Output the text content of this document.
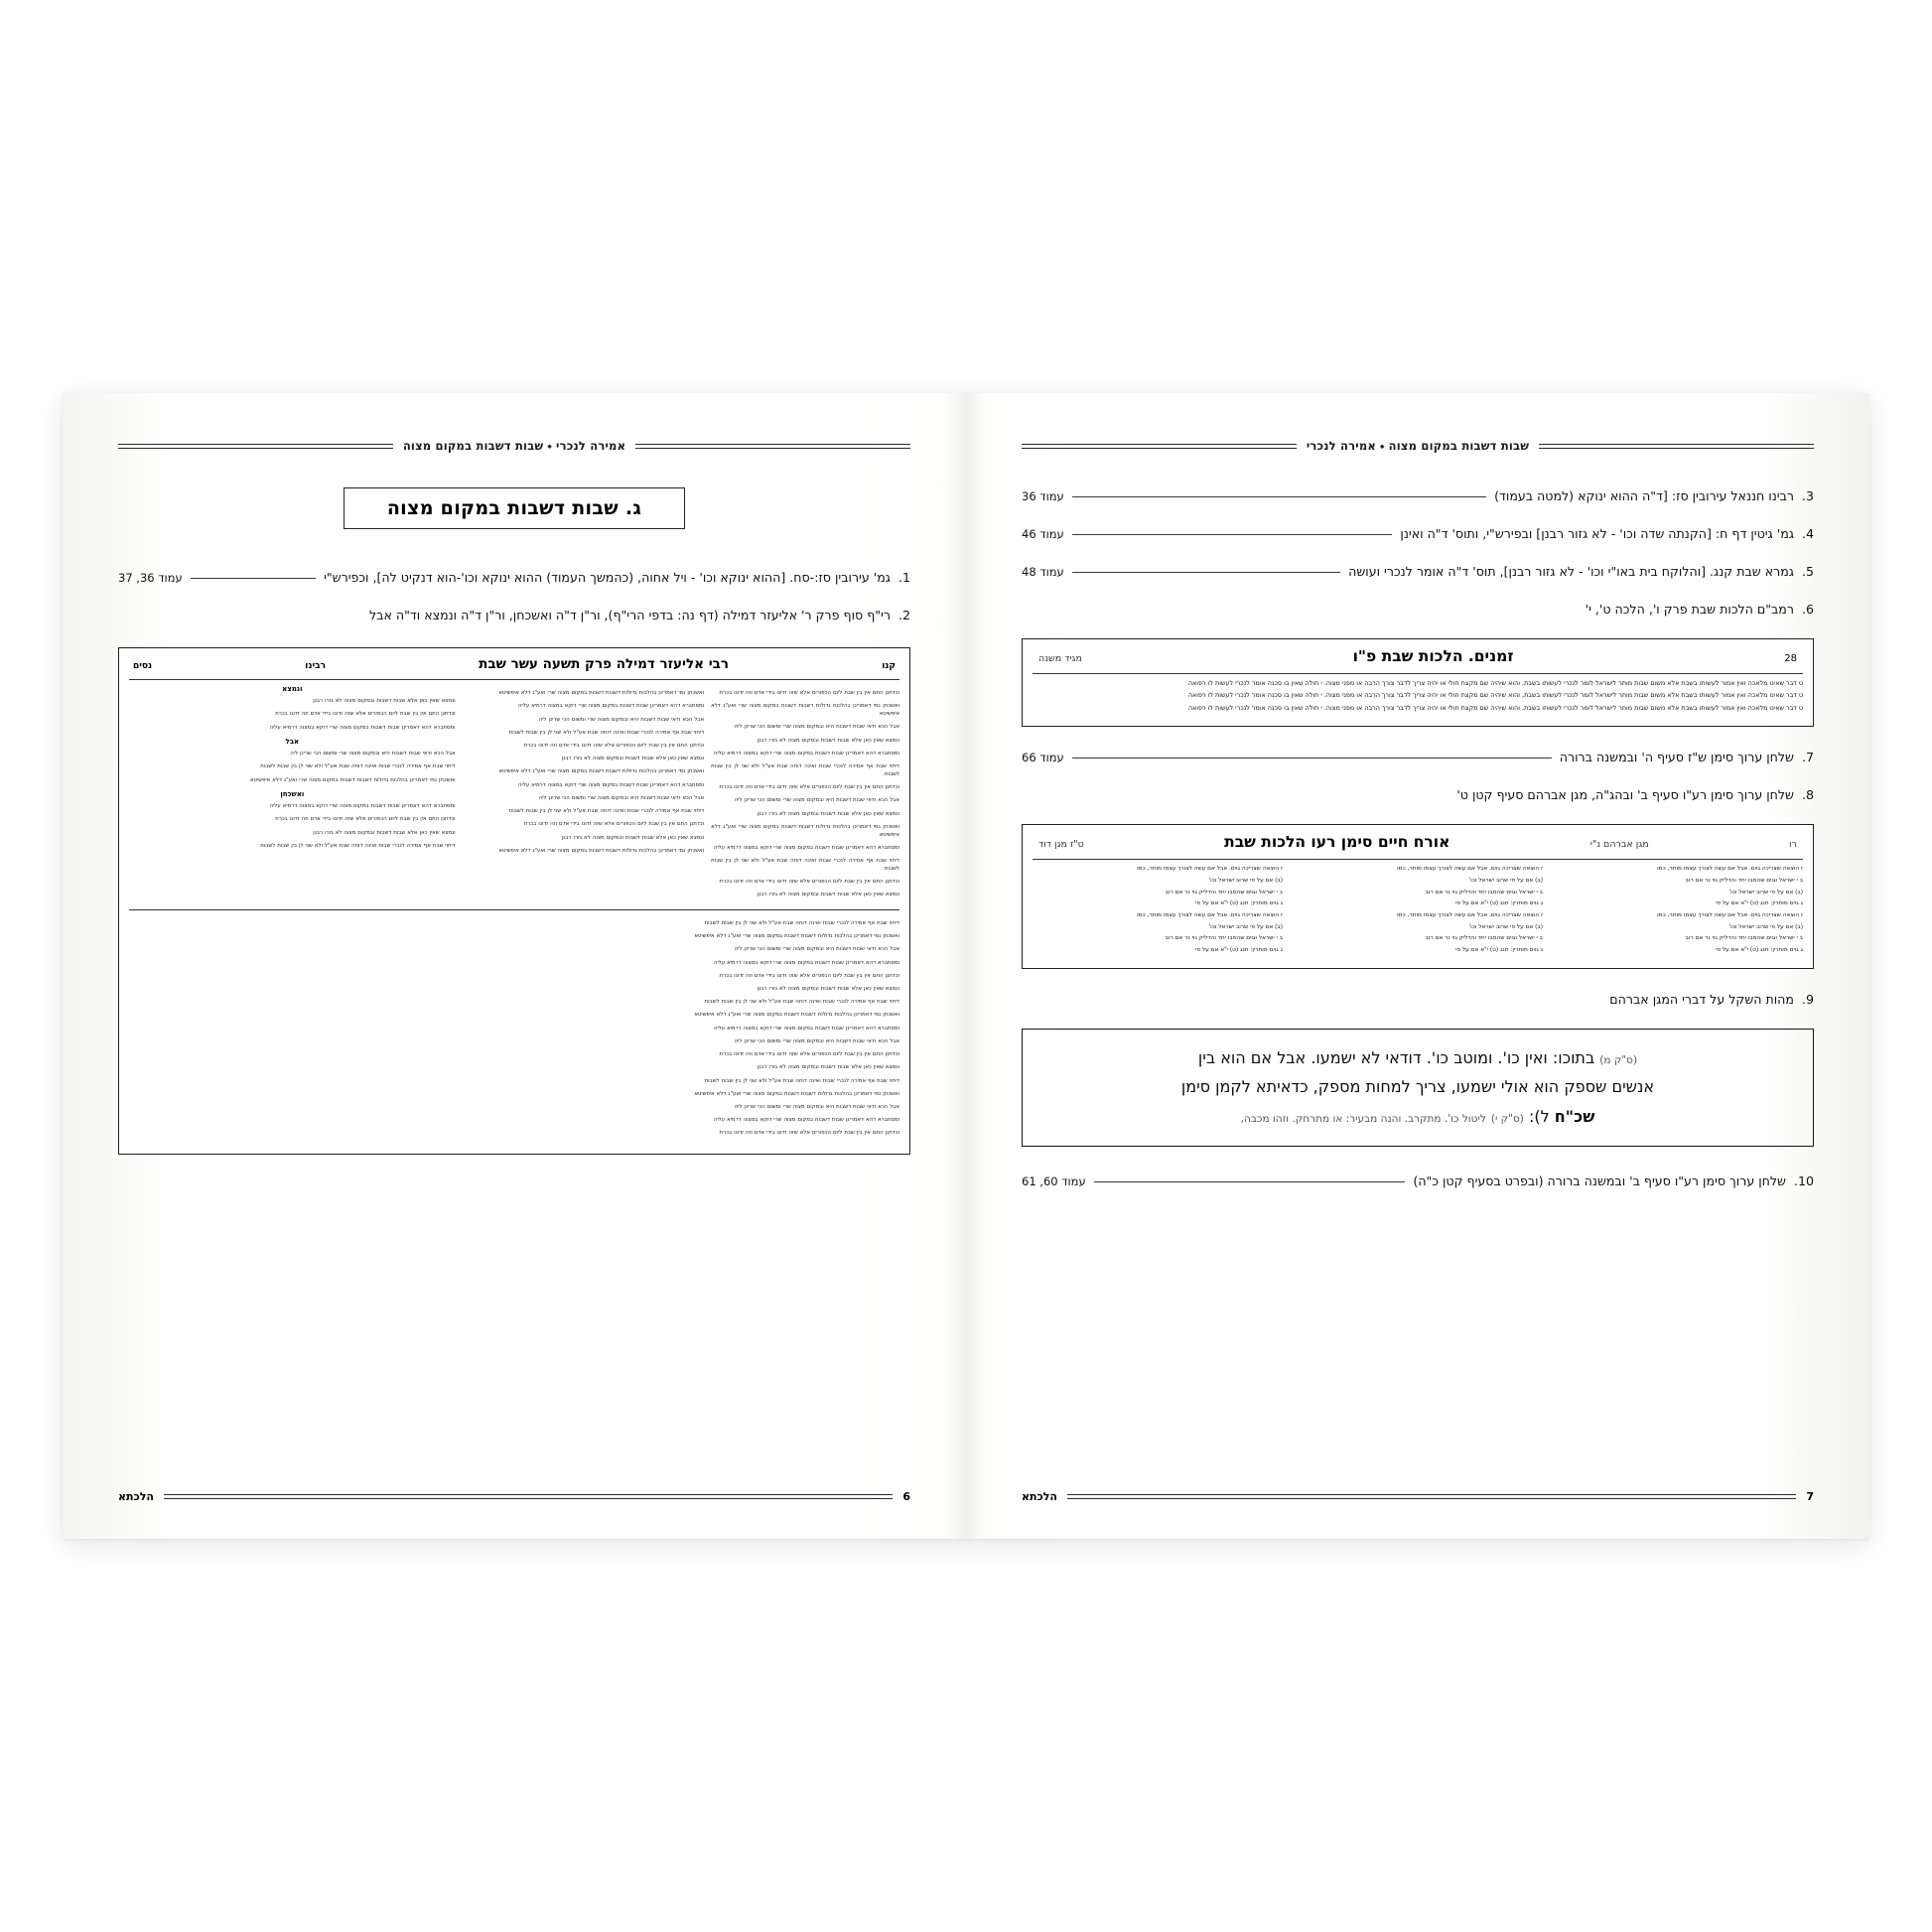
אמירה לנכרי ⬩ שבות דשבות במקום מצוה
ג. שבות דשבות במקום מצוה
1.
גמ' עירובין סז:-סח. [ההוא ינוקא וכו' - ויל אחוה, (כהמשך העמוד) ההוא ינוקא וכו'-הוא דנקיט לה], וכפירש"י
עמוד 36, 37
2.
רי"ף סוף פרק ר' אליעזר דמילה (דף נה: בדפי הרי"ף), ור"ן ד"ה ואשכחן, ור"ן ד"ה ונמצא וד"ה אבל
קנו
רבי אליעזר דמילה פרק תשעה עשר שבת
רבינו
נסים

וכדתנן התם אין בין שבת ליום הכפורים אלא שזה זדונו בידי אדם וזה זדונו בכרת

ואשכחן נמי דאמרינן בהלכות גדולות דשבות דשבות במקום מצוה שרי ואע"ג דלא איפשיטא

אבל הכא ודאי שבות דשבות היא ובמקום מצוה שרי ומשום הכי שרינן ליה

ונמצא שאין כאן אלא שבות דשבות ובמקום מצוה לא גזרו רבנן

ומסתברא דהא דאמרינן שבות דשבות במקום מצוה שרי דוקא במצוה דרמיא עליה

דיחוי שבת אף אמירה לנכרי שבות ואינה דוחה שבת אע"ל ולא שני לן בין שבות לשבות

וכדתנן התם אין בין שבת ליום הכפורים אלא שזה זדונו בידי אדם וזה זדונו בכרת

אבל הכא ודאי שבות דשבות היא ובמקום מצוה שרי ומשום הכי שרינן ליה

ונמצא שאין כאן אלא שבות דשבות ובמקום מצוה לא גזרו רבנן

ואשכחן נמי דאמרינן בהלכות גדולות דשבות דשבות במקום מצוה שרי ואע"ג דלא איפשיטא

ומסתברא דהא דאמרינן שבות דשבות במקום מצוה שרי דוקא במצוה דרמיא עליה

דיחוי שבת אף אמירה לנכרי שבות ואינה דוחה שבת אע"ל ולא שני לן בין שבות לשבות

וכדתנן התם אין בין שבת ליום הכפורים אלא שזה זדונו בידי אדם וזה זדונו בכרת

ונמצא שאין כאן אלא שבות דשבות ובמקום מצוה לא גזרו רבנן

ואשכחן נמי דאמרינן בהלכות גדולות דשבות דשבות במקום מצוה שרי ואע"ג דלא איפשיטא

ומסתברא דהא דאמרינן שבות דשבות במקום מצוה שרי דוקא במצוה דרמיא עליה

אבל הכא ודאי שבות דשבות היא ובמקום מצוה שרי ומשום הכי שרינן ליה

דיחוי שבת אף אמירה לנכרי שבות ואינה דוחה שבת אע"ל ולא שני לן בין שבות לשבות

וכדתנן התם אין בין שבת ליום הכפורים אלא שזה זדונו בידי אדם וזה זדונו בכרת

ונמצא שאין כאן אלא שבות דשבות ובמקום מצוה לא גזרו רבנן

ואשכחן נמי דאמרינן בהלכות גדולות דשבות דשבות במקום מצוה שרי ואע"ג דלא איפשיטא

ומסתברא דהא דאמרינן שבות דשבות במקום מצוה שרי דוקא במצוה דרמיא עליה

אבל הכא ודאי שבות דשבות היא ובמקום מצוה שרי ומשום הכי שרינן ליה

דיחוי שבת אף אמירה לנכרי שבות ואינה דוחה שבת אע"ל ולא שני לן בין שבות לשבות

וכדתנן התם אין בין שבת ליום הכפורים אלא שזה זדונו בידי אדם וזה זדונו בכרת

ונמצא שאין כאן אלא שבות דשבות ובמקום מצוה לא גזרו רבנן

ואשכחן נמי דאמרינן בהלכות גדולות דשבות דשבות במקום מצוה שרי ואע"ג דלא איפשיטא

ונמצא

ונמצא שאין כאן אלא שבות דשבות ובמקום מצוה לא גזרו רבנן

וכדתנן התם אין בין שבת ליום הכפורים אלא שזה זדונו בידי אדם וזה זדונו בכרת

ומסתברא דהא דאמרינן שבות דשבות במקום מצוה שרי דוקא במצוה דרמיא עליה

אבל

אבל הכא ודאי שבות דשבות היא ובמקום מצוה שרי ומשום הכי שרינן ליה

דיחוי שבת אף אמירה לנכרי שבות ואינה דוחה שבת אע"ל ולא שני לן בין שבות לשבות

ואשכחן נמי דאמרינן בהלכות גדולות דשבות דשבות במקום מצוה שרי ואע"ג דלא איפשיטא

ואשכחן

ומסתברא דהא דאמרינן שבות דשבות במקום מצוה שרי דוקא במצוה דרמיא עליה

וכדתנן התם אין בין שבת ליום הכפורים אלא שזה זדונו בידי אדם וזה זדונו בכרת

ונמצא שאין כאן אלא שבות דשבות ובמקום מצוה לא גזרו רבנן

דיחוי שבת אף אמירה לנכרי שבות ואינה דוחה שבת אע"ל ולא שני לן בין שבות לשבות

דיחוי שבת אף אמירה לנכרי שבות ואינה דוחה שבת אע"ל ולא שני לן בין שבות לשבות

ואשכחן נמי דאמרינן בהלכות גדולות דשבות דשבות במקום מצוה שרי ואע"ג דלא איפשיטא

אבל הכא ודאי שבות דשבות היא ובמקום מצוה שרי ומשום הכי שרינן ליה

ומסתברא דהא דאמרינן שבות דשבות במקום מצוה שרי דוקא במצוה דרמיא עליה

וכדתנן התם אין בין שבת ליום הכפורים אלא שזה זדונו בידי אדם וזה זדונו בכרת

ונמצא שאין כאן אלא שבות דשבות ובמקום מצוה לא גזרו רבנן

דיחוי שבת אף אמירה לנכרי שבות ואינה דוחה שבת אע"ל ולא שני לן בין שבות לשבות

ואשכחן נמי דאמרינן בהלכות גדולות דשבות דשבות במקום מצוה שרי ואע"ג דלא איפשיטא

ומסתברא דהא דאמרינן שבות דשבות במקום מצוה שרי דוקא במצוה דרמיא עליה

אבל הכא ודאי שבות דשבות היא ובמקום מצוה שרי ומשום הכי שרינן ליה

וכדתנן התם אין בין שבת ליום הכפורים אלא שזה זדונו בידי אדם וזה זדונו בכרת

ונמצא שאין כאן אלא שבות דשבות ובמקום מצוה לא גזרו רבנן

דיחוי שבת אף אמירה לנכרי שבות ואינה דוחה שבת אע"ל ולא שני לן בין שבות לשבות

ואשכחן נמי דאמרינן בהלכות גדולות דשבות דשבות במקום מצוה שרי ואע"ג דלא איפשיטא

אבל הכא ודאי שבות דשבות היא ובמקום מצוה שרי ומשום הכי שרינן ליה

ומסתברא דהא דאמרינן שבות דשבות במקום מצוה שרי דוקא במצוה דרמיא עליה

וכדתנן התם אין בין שבת ליום הכפורים אלא שזה זדונו בידי אדם וזה זדונו בכרת

6
הלכתא
שבות דשבות במקום מצוה ⬩ אמירה לנכרי
3.
רבינו חננאל עירובין סז: [ד"ה ההוא ינוקא (למטה בעמוד)
עמוד 36
4.
גמ' גיטין דף ח: [הקנתה שדה וכו' - לא גזור רבנן] ובפירש"י, ותוס' ד"ה ואינן
עמוד 46
5.
גמרא שבת קנג. [והלוקח בית באו"י וכו' - לא גזור רבנן], תוס' ד"ה אומר לנכרי ועושה
עמוד 48
6.
רמב"ם הלכות שבת פרק ו', הלכה ט', י'
28
זמנים. הלכות שבת פ"ו
מגיד משנה

ט דבר שאינו מלאכה ואין אמור לעשותו בשבת אלא משום שבות מותר לישראל לומר לנכרי לעשותו בשבת, והוא שיהיה שם מקצת חולי או יהיה צריך לדבר צורך הרבה או מפני מצוה. י חולה שאין בו סכנה אומר לנכרי לעשות לו רפואה

ט דבר שאינו מלאכה ואין אמור לעשותו בשבת אלא משום שבות מותר לישראל לומר לנכרי לעשותו בשבת, והוא שיהיה שם מקצת חולי או יהיה צריך לדבר צורך הרבה או מפני מצוה. י חולה שאין בו סכנה אומר לנכרי לעשות לו רפואה

ט דבר שאינו מלאכה ואין אמור לעשותו בשבת אלא משום שבות מותר לישראל לומר לנכרי לעשותו בשבת, והוא שיהיה שם מקצת חולי או יהיה צריך לדבר צורך הרבה או מפני מצוה. י חולה שאין בו סכנה אומר לנכרי לעשות לו רפואה

7.
שלחן ערוך סימן ש"ז סעיף ה' ובמשנה ברורה
עמוד 66
8.
שלחן ערוך סימן רע"ו סעיף ב' ובהג"ה, מגן אברהם סעיף קטן ט'
רו
מגן אברהם נ"י
אורח חיים סימן רעו הלכות שבת
ט"ז מגן דוד

ז הוצאה שצריכה גוים. אבל אם עשה לצורך עצמו מותר, כמו

ב י ישראל וגוים שהסבו יחד והדליק גוי נר אם רוב

(ב) אם על פי שרוב ישראל וכו'

ג גוים מותרין: תנג (ט) י"א אם על פי

ז הוצאה שצריכה גוים. אבל אם עשה לצורך עצמו מותר, כמו

(ב) אם על פי שרוב ישראל וכו'

ב י ישראל וגוים שהסבו יחד והדליק גוי נר אם רוב

ג גוים מותרין: תנג (ט) י"א אם על פי

ז הוצאה שצריכה גוים. אבל אם עשה לצורך עצמו מותר, כמו

(ב) אם על פי שרוב ישראל וכו'

ב י ישראל וגוים שהסבו יחד והדליק גוי נר אם רוב

ג גוים מותרין: תנג (ט) י"א אם על פי

ז הוצאה שצריכה גוים. אבל אם עשה לצורך עצמו מותר, כמו

(ב) אם על פי שרוב ישראל וכו'

ב י ישראל וגוים שהסבו יחד והדליק גוי נר אם רוב

ג גוים מותרין: תנג (ט) י"א אם על פי

ז הוצאה שצריכה גוים. אבל אם עשה לצורך עצמו מותר, כמו

(ב) אם על פי שרוב ישראל וכו'

ב י ישראל וגוים שהסבו יחד והדליק גוי נר אם רוב

ג גוים מותרין: תנג (ט) י"א אם על פי

ז הוצאה שצריכה גוים. אבל אם עשה לצורך עצמו מותר, כמו

(ב) אם על פי שרוב ישראל וכו'

ב י ישראל וגוים שהסבו יחד והדליק גוי נר אם רוב

ג גוים מותרין: תנג (ט) י"א אם על פי

9.
מהות השקל על דברי המגן אברהם
(ס"ק מ) בתוכו: ואין כו'. ומוטב כו'. דודאי לא ישמעו. אבל אם הוא בין
אנשים שספק הוא אולי ישמעו, צריך למחות מספק, כדאיתא לקמן סימן
שכ"ח ל): (ס"ק י) ליטול כו'. מתקרב. והנה מבעיר: או מתרחק. וזהו מכבה,
10.
שלחן ערוך סימן רע"ו סעיף ב' ובמשנה ברורה (ובפרט בסעיף קטן כ"ה)
עמוד 60, 61
7
הלכתא
